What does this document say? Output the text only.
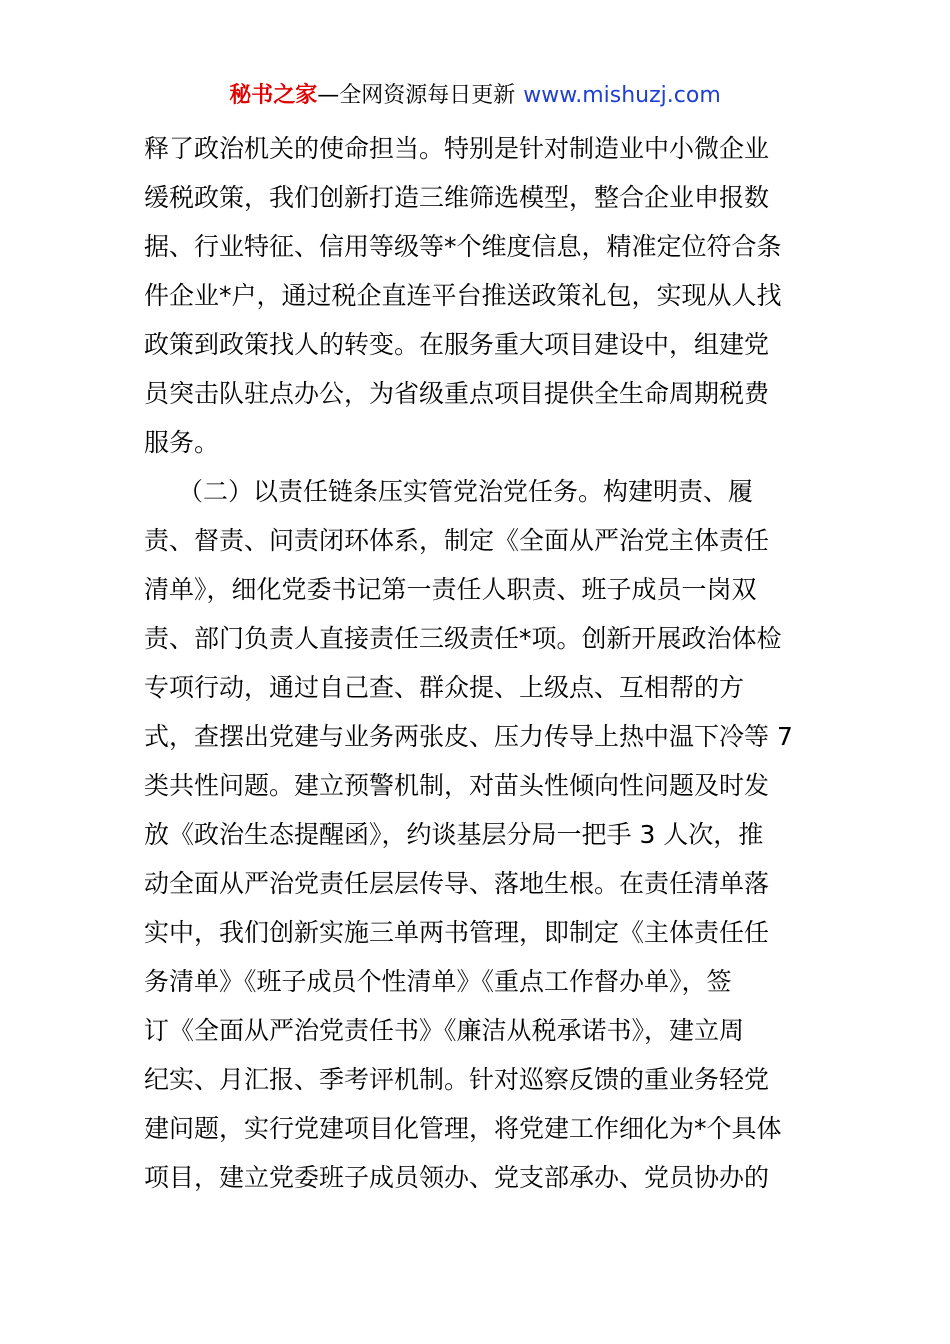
秘书之家—全网资源每日更新 www.mishuzj.com
释了政治机关的使命担当。特别是针对制造业中小微企业
缓税政策，我们创新打造三维筛选模型，整合企业申报数
据、行业特征、信用等级等*个维度信息，精准定位符合条
件企业*户，通过税企直连平台推送政策礼包，实现从人找
政策到政策找人的转变。在服务重大项目建设中，组建党
员突击队驻点办公，为省级重点项目提供全生命周期税费
服务。
（二）以责任链条压实管党治党任务。构建明责、履
责、督责、问责闭环体系，制定《全面从严治党主体责任
清单》，细化党委书记第一责任人职责、班子成员一岗双
责、部门负责人直接责任三级责任*项。创新开展政治体检
专项行动，通过自己查、群众提、上级点、互相帮的方
式，查摆出党建与业务两张皮、压力传导上热中温下冷等 7
类共性问题。建立预警机制，对苗头性倾向性问题及时发
放《政治生态提醒函》，约谈基层分局一把手 3 人次，推
动全面从严治党责任层层传导、落地生根。在责任清单落
实中，我们创新实施三单两书管理，即制定《主体责任任
务清单》《班子成员个性清单》《重点工作督办单》，签
订《全面从严治党责任书》《廉洁从税承诺书》，建立周
纪实、月汇报、季考评机制。针对巡察反馈的重业务轻党
建问题，实行党建项目化管理，将党建工作细化为*个具体
项目，建立党委班子成员领办、党支部承办、党员协办的
